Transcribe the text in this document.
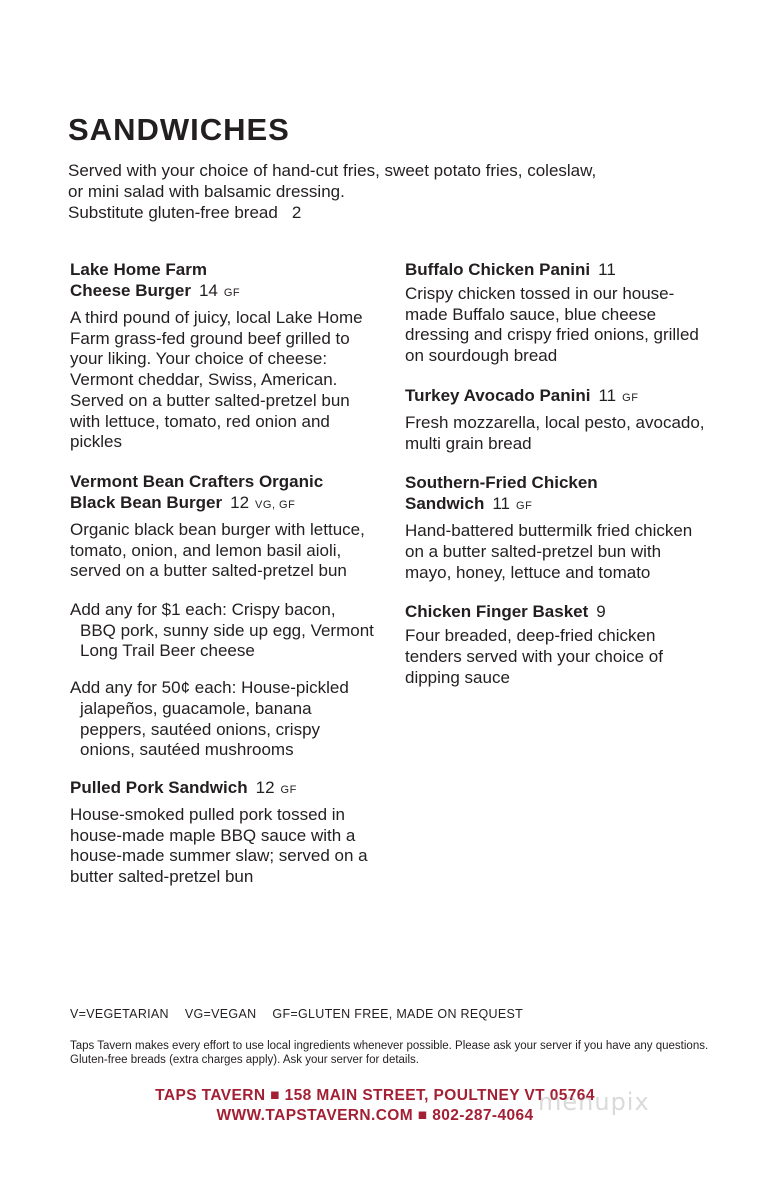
SANDWICHES
Served with your choice of hand-cut fries, sweet potato fries, coleslaw,
or mini salad with balsamic dressing.
Substitute gluten-free bread 2
Lake Home Farm
Cheese Burger 14 GF
A third pound of juicy, local Lake Home Farm grass-fed ground beef grilled to your liking. Your choice of cheese: Vermont cheddar, Swiss, American. Served on a butter salted-pretzel bun with lettuce, tomato, red onion and pickles
Vermont Bean Crafters Organic
Black Bean Burger 12 VG, GF
Organic black bean burger with lettuce, tomato, onion, and lemon basil aioli, served on a butter salted-pretzel bun
Add any for $1 each: Crispy bacon, BBQ pork, sunny side up egg, Vermont Long Trail Beer cheese
Add any for 50¢ each: House-pickled jalapeños, guacamole, banana peppers, sautéed onions, crispy onions, sautéed mushrooms
Pulled Pork Sandwich 12 GF
House-smoked pulled pork tossed in house-made maple BBQ sauce with a house-made summer slaw; served on a butter salted-pretzel bun
Buffalo Chicken Panini 11
Crispy chicken tossed in our house-made Buffalo sauce, blue cheese dressing and crispy fried onions, grilled on sourdough bread
Turkey Avocado Panini 11 GF
Fresh mozzarella, local pesto, avocado, multi grain bread
Southern-Fried Chicken
Sandwich 11 GF
Hand-battered buttermilk fried chicken on a butter salted-pretzel bun with mayo, honey, lettuce and tomato
Chicken Finger Basket 9
Four breaded, deep-fried chicken tenders served with your choice of dipping sauce
V=VEGETARIAN VG=VEGAN GF=GLUTEN FREE, MADE ON REQUEST
Taps Tavern makes every effort to use local ingredients whenever possible. Please ask your server if you have any questions.
Gluten-free breads (extra charges apply). Ask your server for details.
TAPS TAVERN ■ 158 MAIN STREET, POULTNEY VT 05764
WWW.TAPSTAVERN.COM ■ 802-287-4064 menupix
